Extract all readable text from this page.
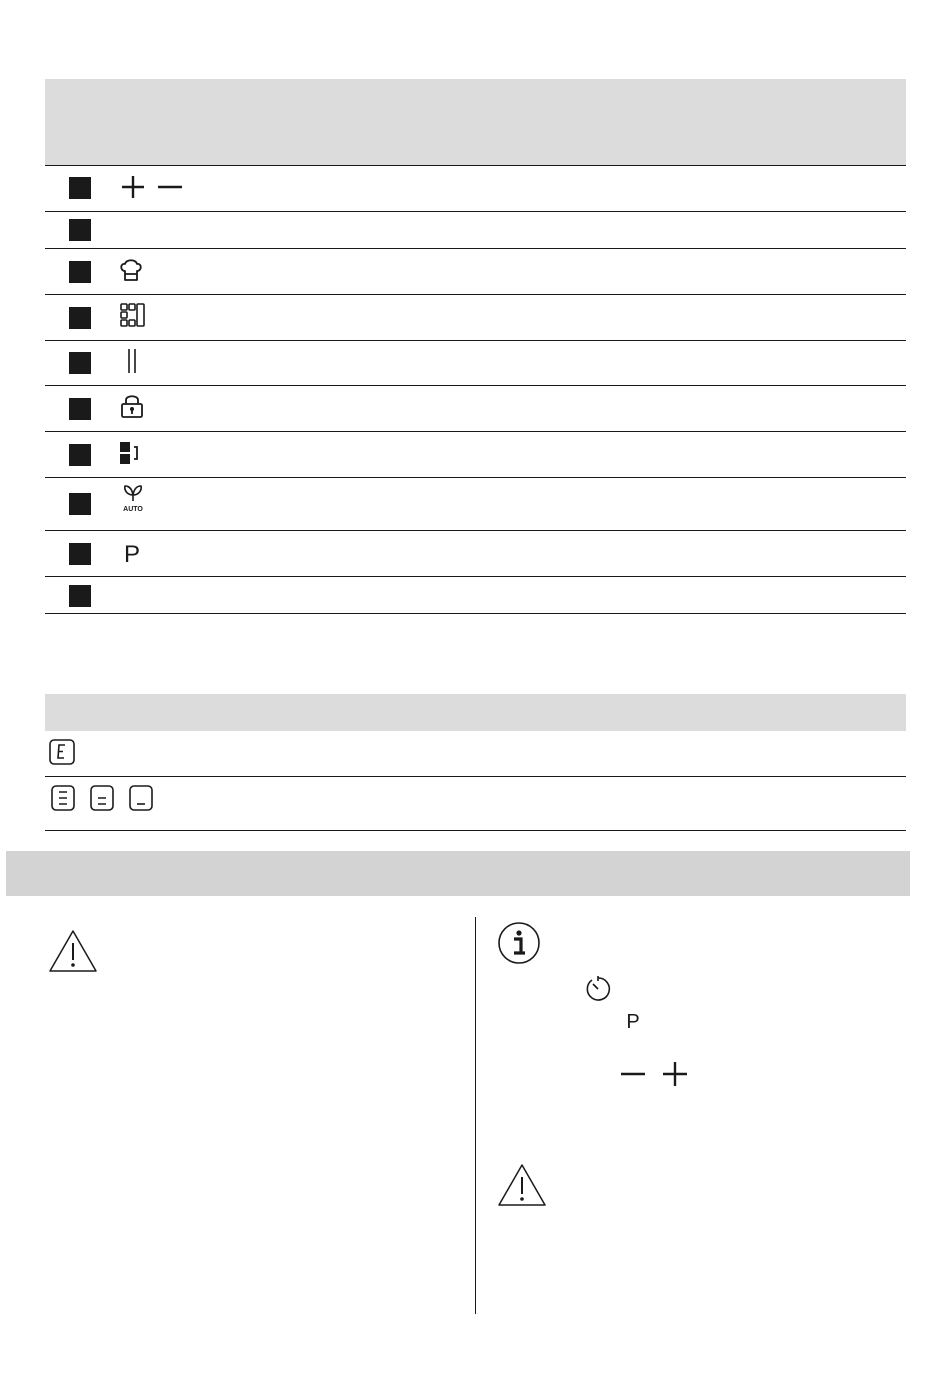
AUTO
P
P
